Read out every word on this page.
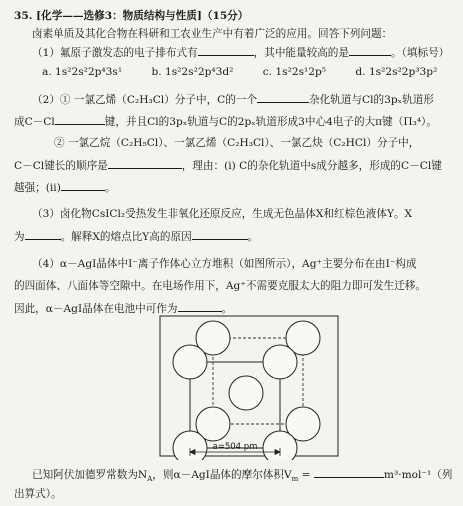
35. [化学——选修3：物质结构与性质]（15分）
卤素单质及其化合物在科研和工农业生产中有着广泛的应用。回答下列问题：
（1）氟原子激发态的电子排布式有	，其中能量较高的是	。（填标号）
a. 1s²2s²2p⁴3s¹	b. 1s²2s²2p⁴3d²	c. 1s²2s¹2p⁵	d. 1s²2s²2p³3p²
（2）① 一氯乙烯（C₂H₃Cl）分子中，C的一个	杂化轨道与Cl的3pₓ轨道形
成C－Cl	键，并且Cl的3pₓ轨道与C的2pₓ轨道形成3中心4电子的大π键（Π₃⁴）。
② 一氯乙烷（C₂H₅Cl）、一氯乙烯（C₂H₃Cl）、一氯乙炔（C₂HCl）分子中，
C－Cl键长的顺序是	，理由：(i) C的杂化轨道中s成分越多，形成的C－Cl键
越强；(ii)	。
（3）卤化物CsICl₂受热发生非氧化还原反应，生成无色晶体X和红棕色液体Y。X
为	。解释X的熔点比Y高的原因	。
（4）α－AgI晶体中I⁻离子作体心立方堆积（如图所示），Ag⁺主要分布在由I⁻构成
的四面体、八面体等空隙中。在电场作用下，Ag⁺不需要克服太大的阻力即可发生迁移。
因此，α－AgI晶体在电池中可作为	。
a=504 pm
已知阿伏加德罗常数为$N_A$，则α－AgI晶体的摩尔体积$V_m$ =	m³·mol⁻¹（列
出算式）。
